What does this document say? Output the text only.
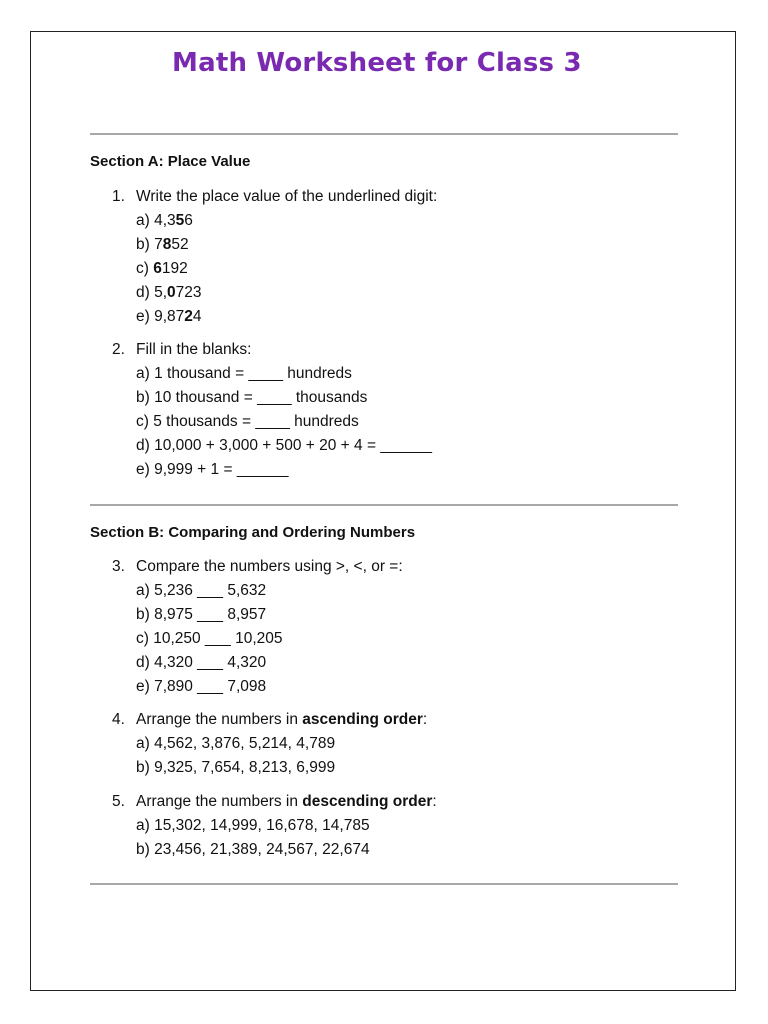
Math Worksheet for Class 3
Section A: Place Value
1. Write the place value of the underlined digit:
a) 4,356
b) 7852
c) 6192
d) 5,0723
e) 9,8724
2. Fill in the blanks:
a) 1 thousand = ____ hundreds
b) 10 thousand = ____ thousands
c) 5 thousands = ____ hundreds
d) 10,000 + 3,000 + 500 + 20 + 4 = ______
e) 9,999 + 1 = ______
Section B: Comparing and Ordering Numbers
3. Compare the numbers using >, <, or =:
a) 5,236 ___ 5,632
b) 8,975 ___ 8,957
c) 10,250 ___ 10,205
d) 4,320 ___ 4,320
e) 7,890 ___ 7,098
4. Arrange the numbers in ascending order:
a) 4,562, 3,876, 5,214, 4,789
b) 9,325, 7,654, 8,213, 6,999
5. Arrange the numbers in descending order:
a) 15,302, 14,999, 16,678, 14,785
b) 23,456, 21,389, 24,567, 22,674
